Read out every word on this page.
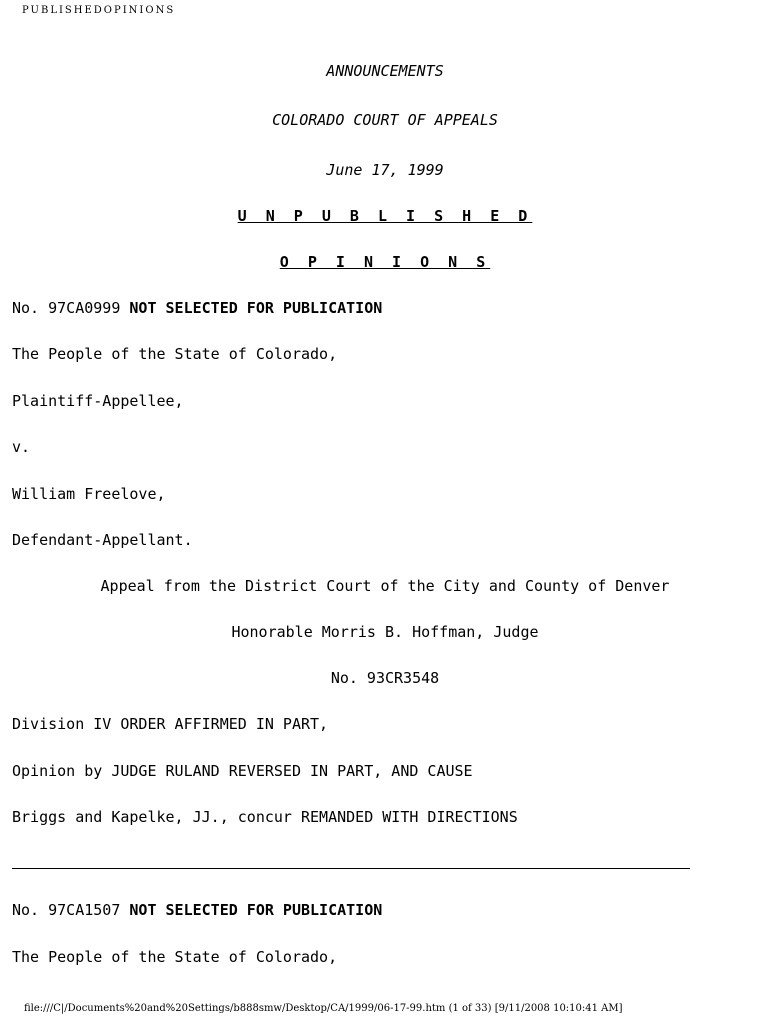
PUBLISHEDOPINIONS
ANNOUNCEMENTS
COLORADO COURT OF APPEALS
June 17, 1999
U N P U B L I S H E D
O P I N I O N S
No. 97CA0999 NOT SELECTED FOR PUBLICATION
The People of the State of Colorado,
Plaintiff-Appellee,
v.
William Freelove,
Defendant-Appellant.
Appeal from the District Court of the City and County of Denver
Honorable Morris B. Hoffman, Judge
No. 93CR3548
Division IV ORDER AFFIRMED IN PART,
Opinion by JUDGE RULAND REVERSED IN PART, AND CAUSE
Briggs and Kapelke, JJ., concur REMANDED WITH DIRECTIONS
No. 97CA1507 NOT SELECTED FOR PUBLICATION
The People of the State of Colorado,
file:///C|/Documents%20and%20Settings/b888smw/Desktop/CA/1999/06-17-99.htm (1 of 33) [9/11/2008 10:10:41 AM]
